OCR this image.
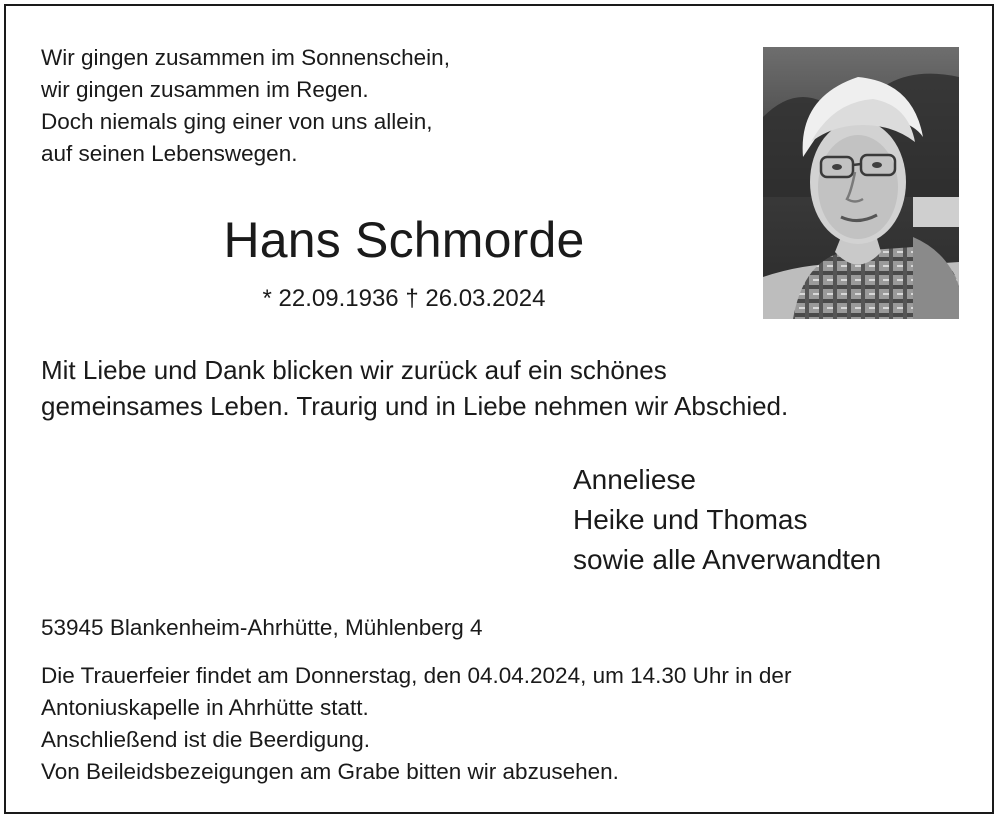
Wir gingen zusammen im Sonnenschein,
wir gingen zusammen im Regen.
Doch niemals ging einer von uns allein,
auf seinen Lebenswegen.
Hans Schmorde
* 22.09.1936 † 26.03.2024
Mit Liebe und Dank blicken wir zurück auf ein schönes
gemeinsames Leben. Traurig und in Liebe nehmen wir Abschied.
Anneliese
Heike und Thomas
sowie alle Anverwandten
53945 Blankenheim-Ahrhütte, Mühlenberg 4
Die Trauerfeier findet am Donnerstag, den 04.04.2024, um 14.30 Uhr in der
Antoniuskapelle in Ahrhütte statt.
Anschließend ist die Beerdigung.
Von Beileidsbezeigungen am Grabe bitten wir abzusehen.
